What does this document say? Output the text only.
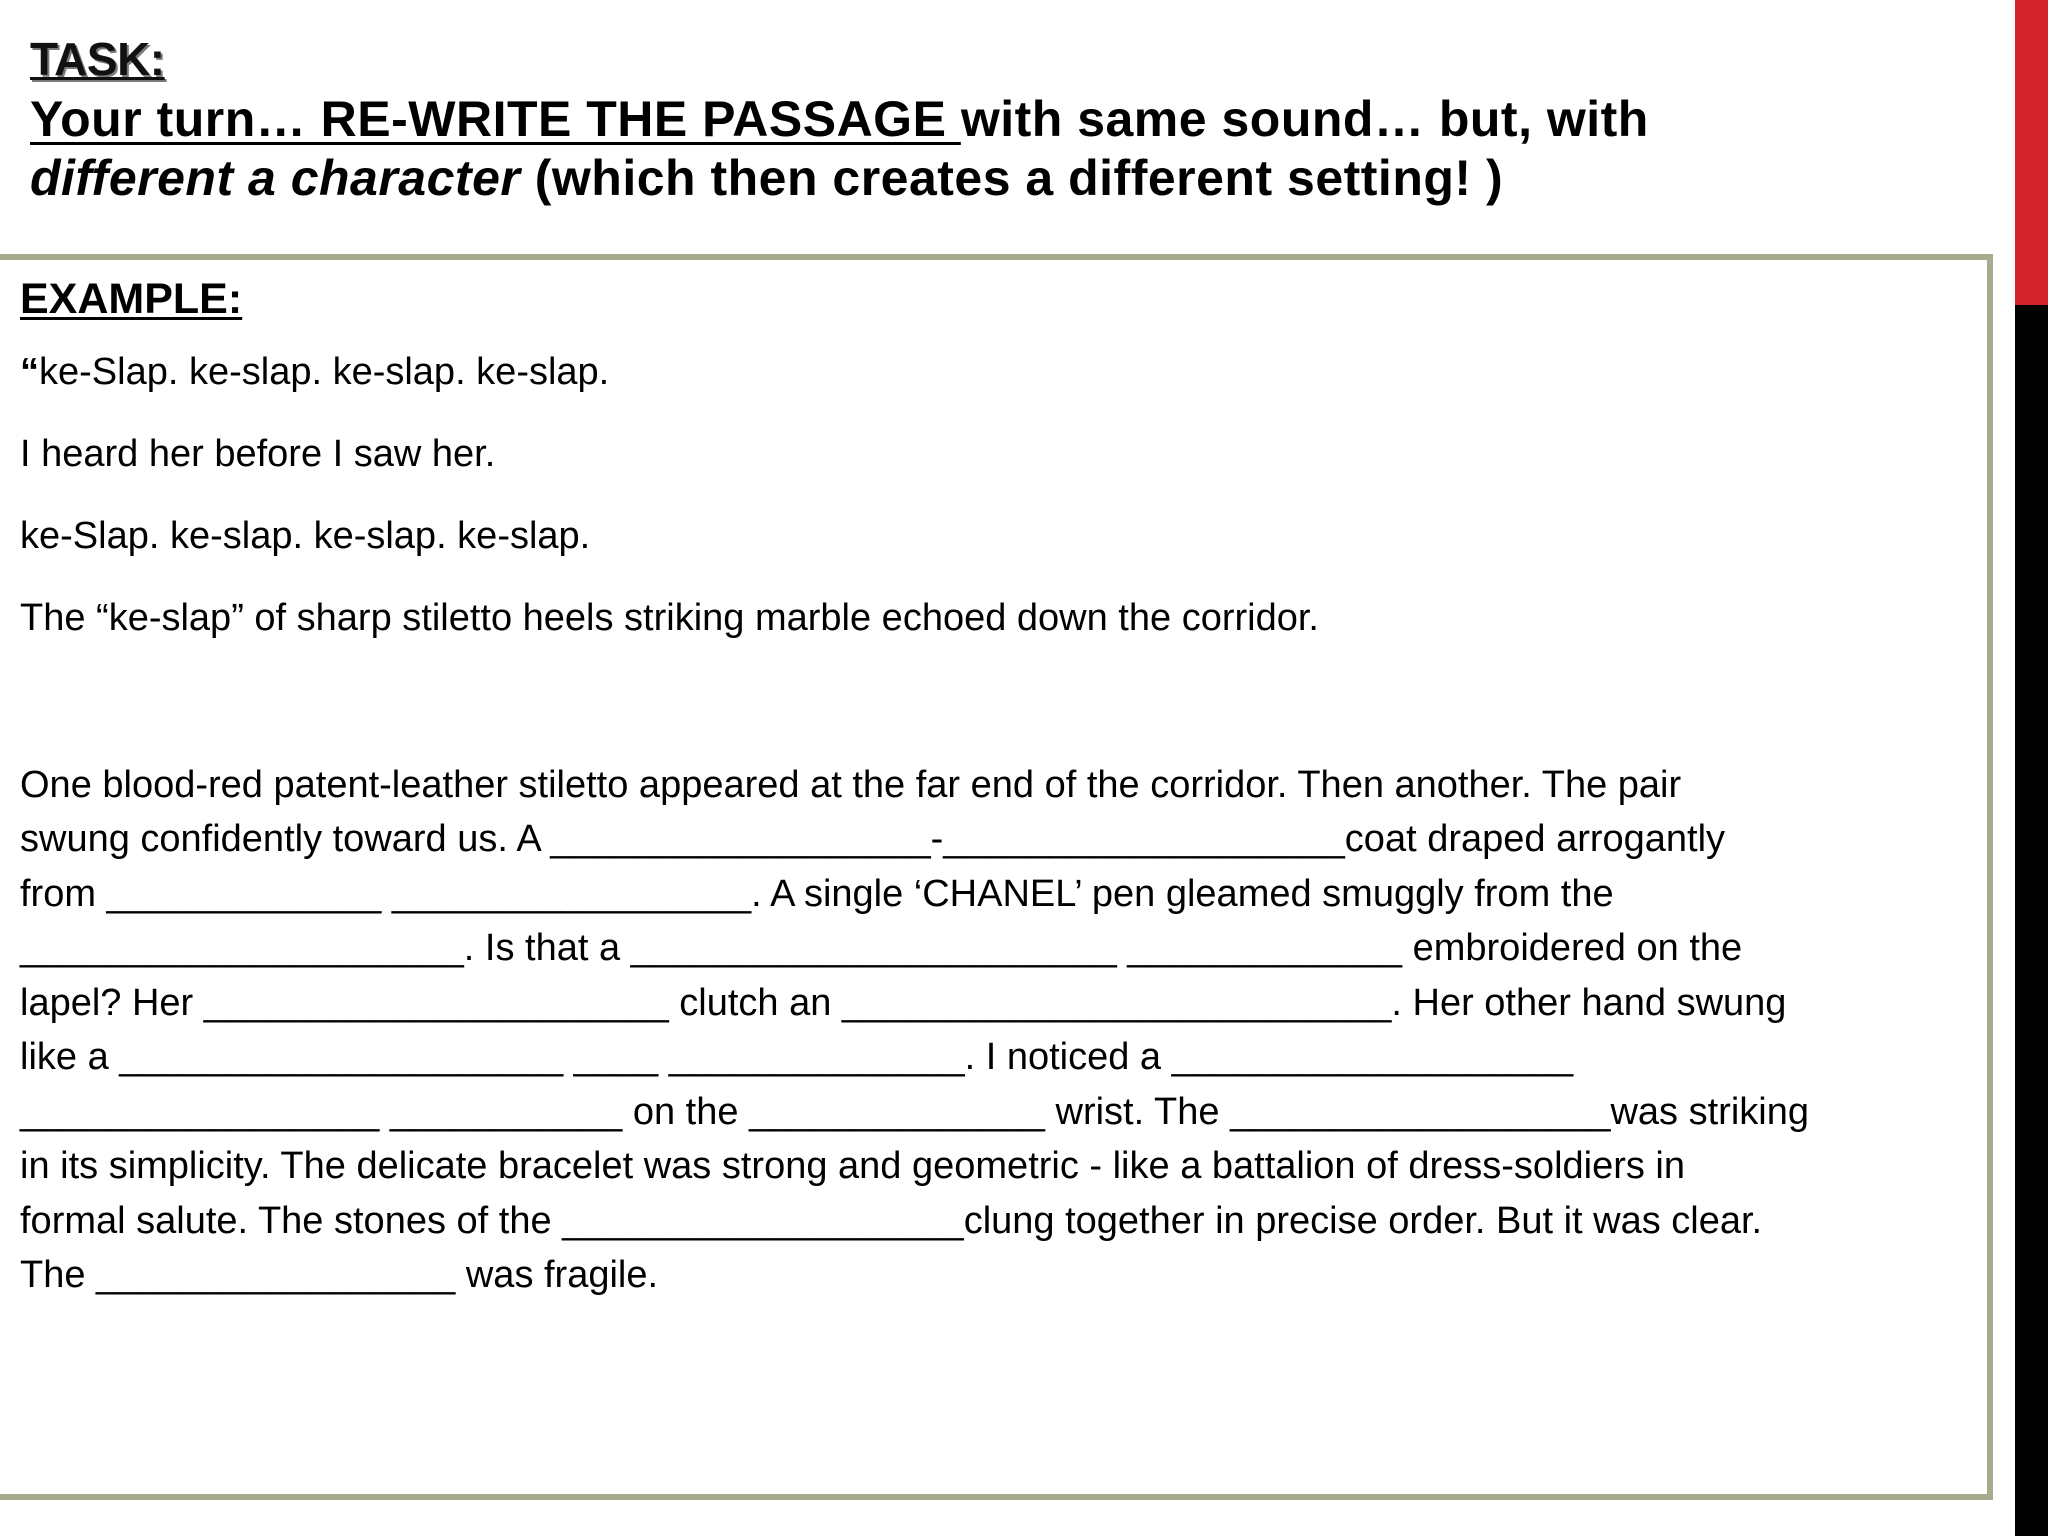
TASK:
Your turn… RE-WRITE THE PASSAGE with same sound… but, with
different a character (which then creates a different setting! )
EXAMPLE:
“ke-Slap. ke-slap. ke-slap. ke-slap.
I heard her before I saw her.
ke-Slap. ke-slap. ke-slap. ke-slap.
The “ke-slap” of sharp stiletto heels striking marble echoed down the corridor.
One blood-red patent-leather stiletto appeared at the far end of the corridor. Then another. The pair
swung confidently toward us. A __________________-___________________coat draped arrogantly
from _____________ _________________. A single ‘CHANEL’ pen gleamed smuggly from the
_____________________. Is that a _______________________ _____________ embroidered on the
lapel? Her ______________________ clutch an __________________________. Her other hand swung
like a _____________________ ____ ______________. I noticed a ___________________
_________________ ___________ on the ______________ wrist. The __________________was striking
in its simplicity. The delicate bracelet was strong and geometric - like a battalion of dress-soldiers in
formal salute. The stones of the ___________________clung together in precise order. But it was clear.
The _________________ was fragile.
